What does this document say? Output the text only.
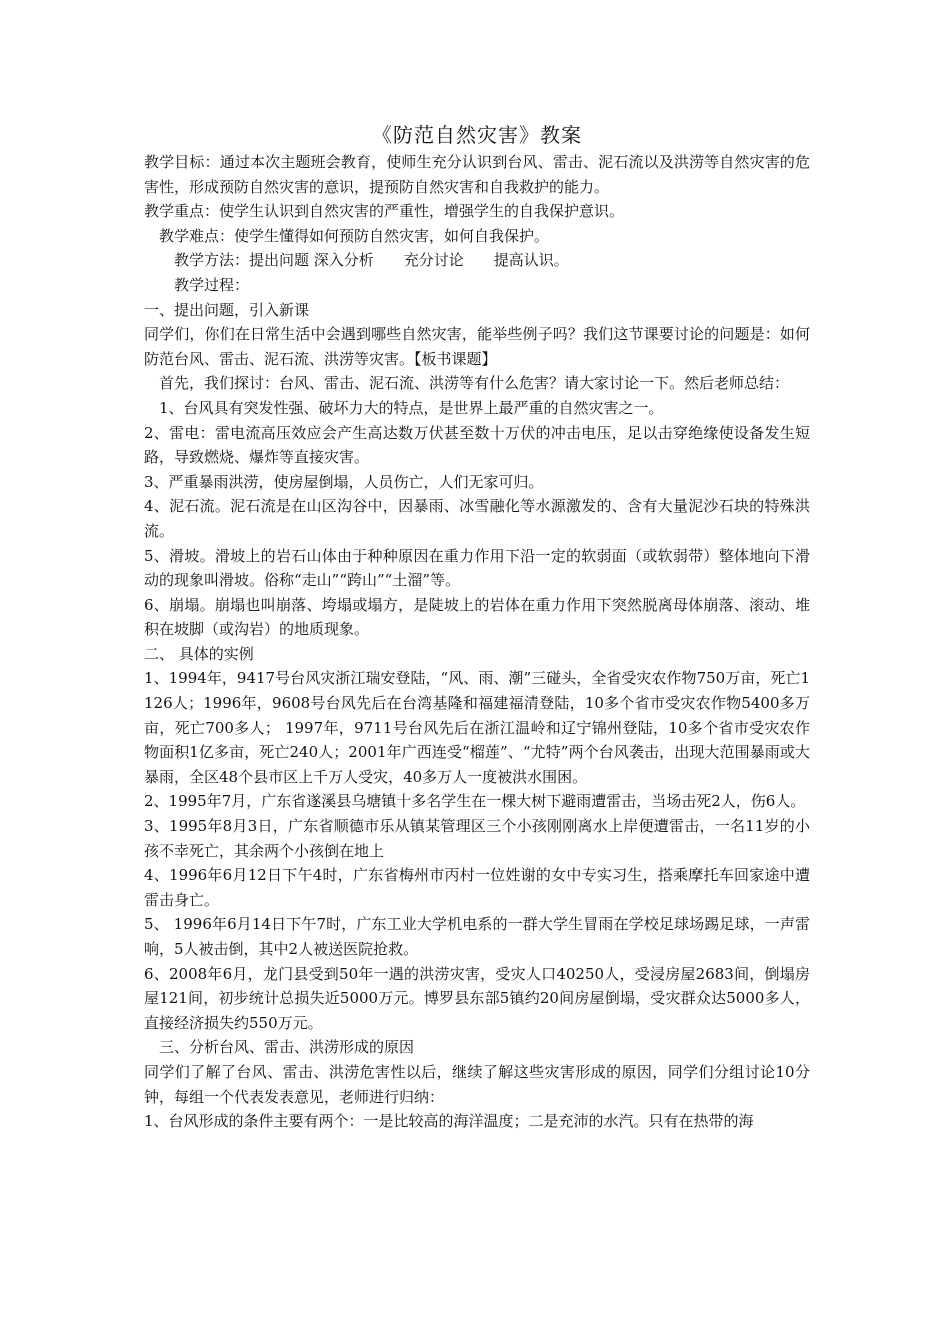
《防范自然灾害》教案

教学目标：通过本次主题班会教育，使师生充分认识到台风、雷击、泥石流以及洪涝等自然灾害的危害性，形成预防自然灾害的意识，提预防自然灾害和自我救护的能力。

教学重点：使学生认识到自然灾害的严重性，增强学生的自我保护意识。

教学难点：使学生懂得如何预防自然灾害，如何自我保护。

教学方法：提出问题 深入分析　　充分讨论　　提高认识。

教学过程：

一、提出问题，引入新课

同学们，你们在日常生活中会遇到哪些自然灾害，能举些例子吗？我们这节课要讨论的问题是：如何防范台风、雷击、泥石流、洪涝等灾害。【板书课题】

首先，我们探讨：台风、雷击、泥石流、洪涝等有什么危害？请大家讨论一下。然后老师总结：

1、台风具有突发性强、破坏力大的特点，是世界上最严重的自然灾害之一。

2、雷电：雷电流高压效应会产生高达数万伏甚至数十万伏的冲击电压，足以击穿绝缘使设备发生短路，导致燃烧、爆炸等直接灾害。

3、严重暴雨洪涝，使房屋倒塌，人员伤亡，人们无家可归。

4、泥石流。泥石流是在山区沟谷中，因暴雨、冰雪融化等水源激发的、含有大量泥沙石块的特殊洪流。

5、滑坡。滑坡上的岩石山体由于种种原因在重力作用下沿一定的软弱面（或软弱带）整体地向下滑动的现象叫滑坡。俗称“走山”“跨山”“土溜”等。

6、崩塌。崩塌也叫崩落、垮塌或塌方，是陡坡上的岩体在重力作用下突然脱离母体崩落、滚动、堆积在坡脚（或沟岩）的地质现象。

二、 具体的实例

1、1994年，9417号台风灾浙江瑞安登陆，“风、雨、潮”三碰头，全省受灾农作物750万亩，死亡1126人；1996年，9608号台风先后在台湾基隆和福建福清登陆，10多个省市受灾农作物5400多万亩，死亡700多人； 1997年，9711号台风先后在浙江温岭和辽宁锦州登陆，10多个省市受灾农作物面积1亿多亩，死亡240人；2001年广西连受“榴莲”、“尤特”两个台风袭击，出现大范围暴雨或大暴雨，全区48个县市区上千万人受灾，40多万人一度被洪水围困。

2、1995年7月，广东省遂溪县乌塘镇十多名学生在一棵大树下避雨遭雷击，当场击死2人，伤6人。

3、1995年8月3日，广东省顺德市乐从镇某管理区三个小孩刚刚离水上岸便遭雷击，一名11岁的小孩不幸死亡，其余两个小孩倒在地上

4、1996年6月12日下午4时，广东省梅州市丙村一位姓谢的女中专实习生，搭乘摩托车回家途中遭雷击身亡。

5、 1996年6月14日下午7时，广东工业大学机电系的一群大学生冒雨在学校足球场踢足球，一声雷响，5人被击倒，其中2人被送医院抢救。

6、2008年6月，龙门县受到50年一遇的洪涝灾害，受灾人口40250人，受浸房屋2683间，倒塌房屋121间，初步统计总损失近5000万元。博罗县东部5镇约20间房屋倒塌，受灾群众达5000多人，直接经济损失约550万元。

三、分析台风、雷击、洪涝形成的原因

同学们了解了台风、雷击、洪涝危害性以后，继续了解这些灾害形成的原因，同学们分组讨论10分钟，每组一个代表发表意见，老师进行归纳：

1、台风形成的条件主要有两个：一是比较高的海洋温度；二是充沛的水汽。只有在热带的海
